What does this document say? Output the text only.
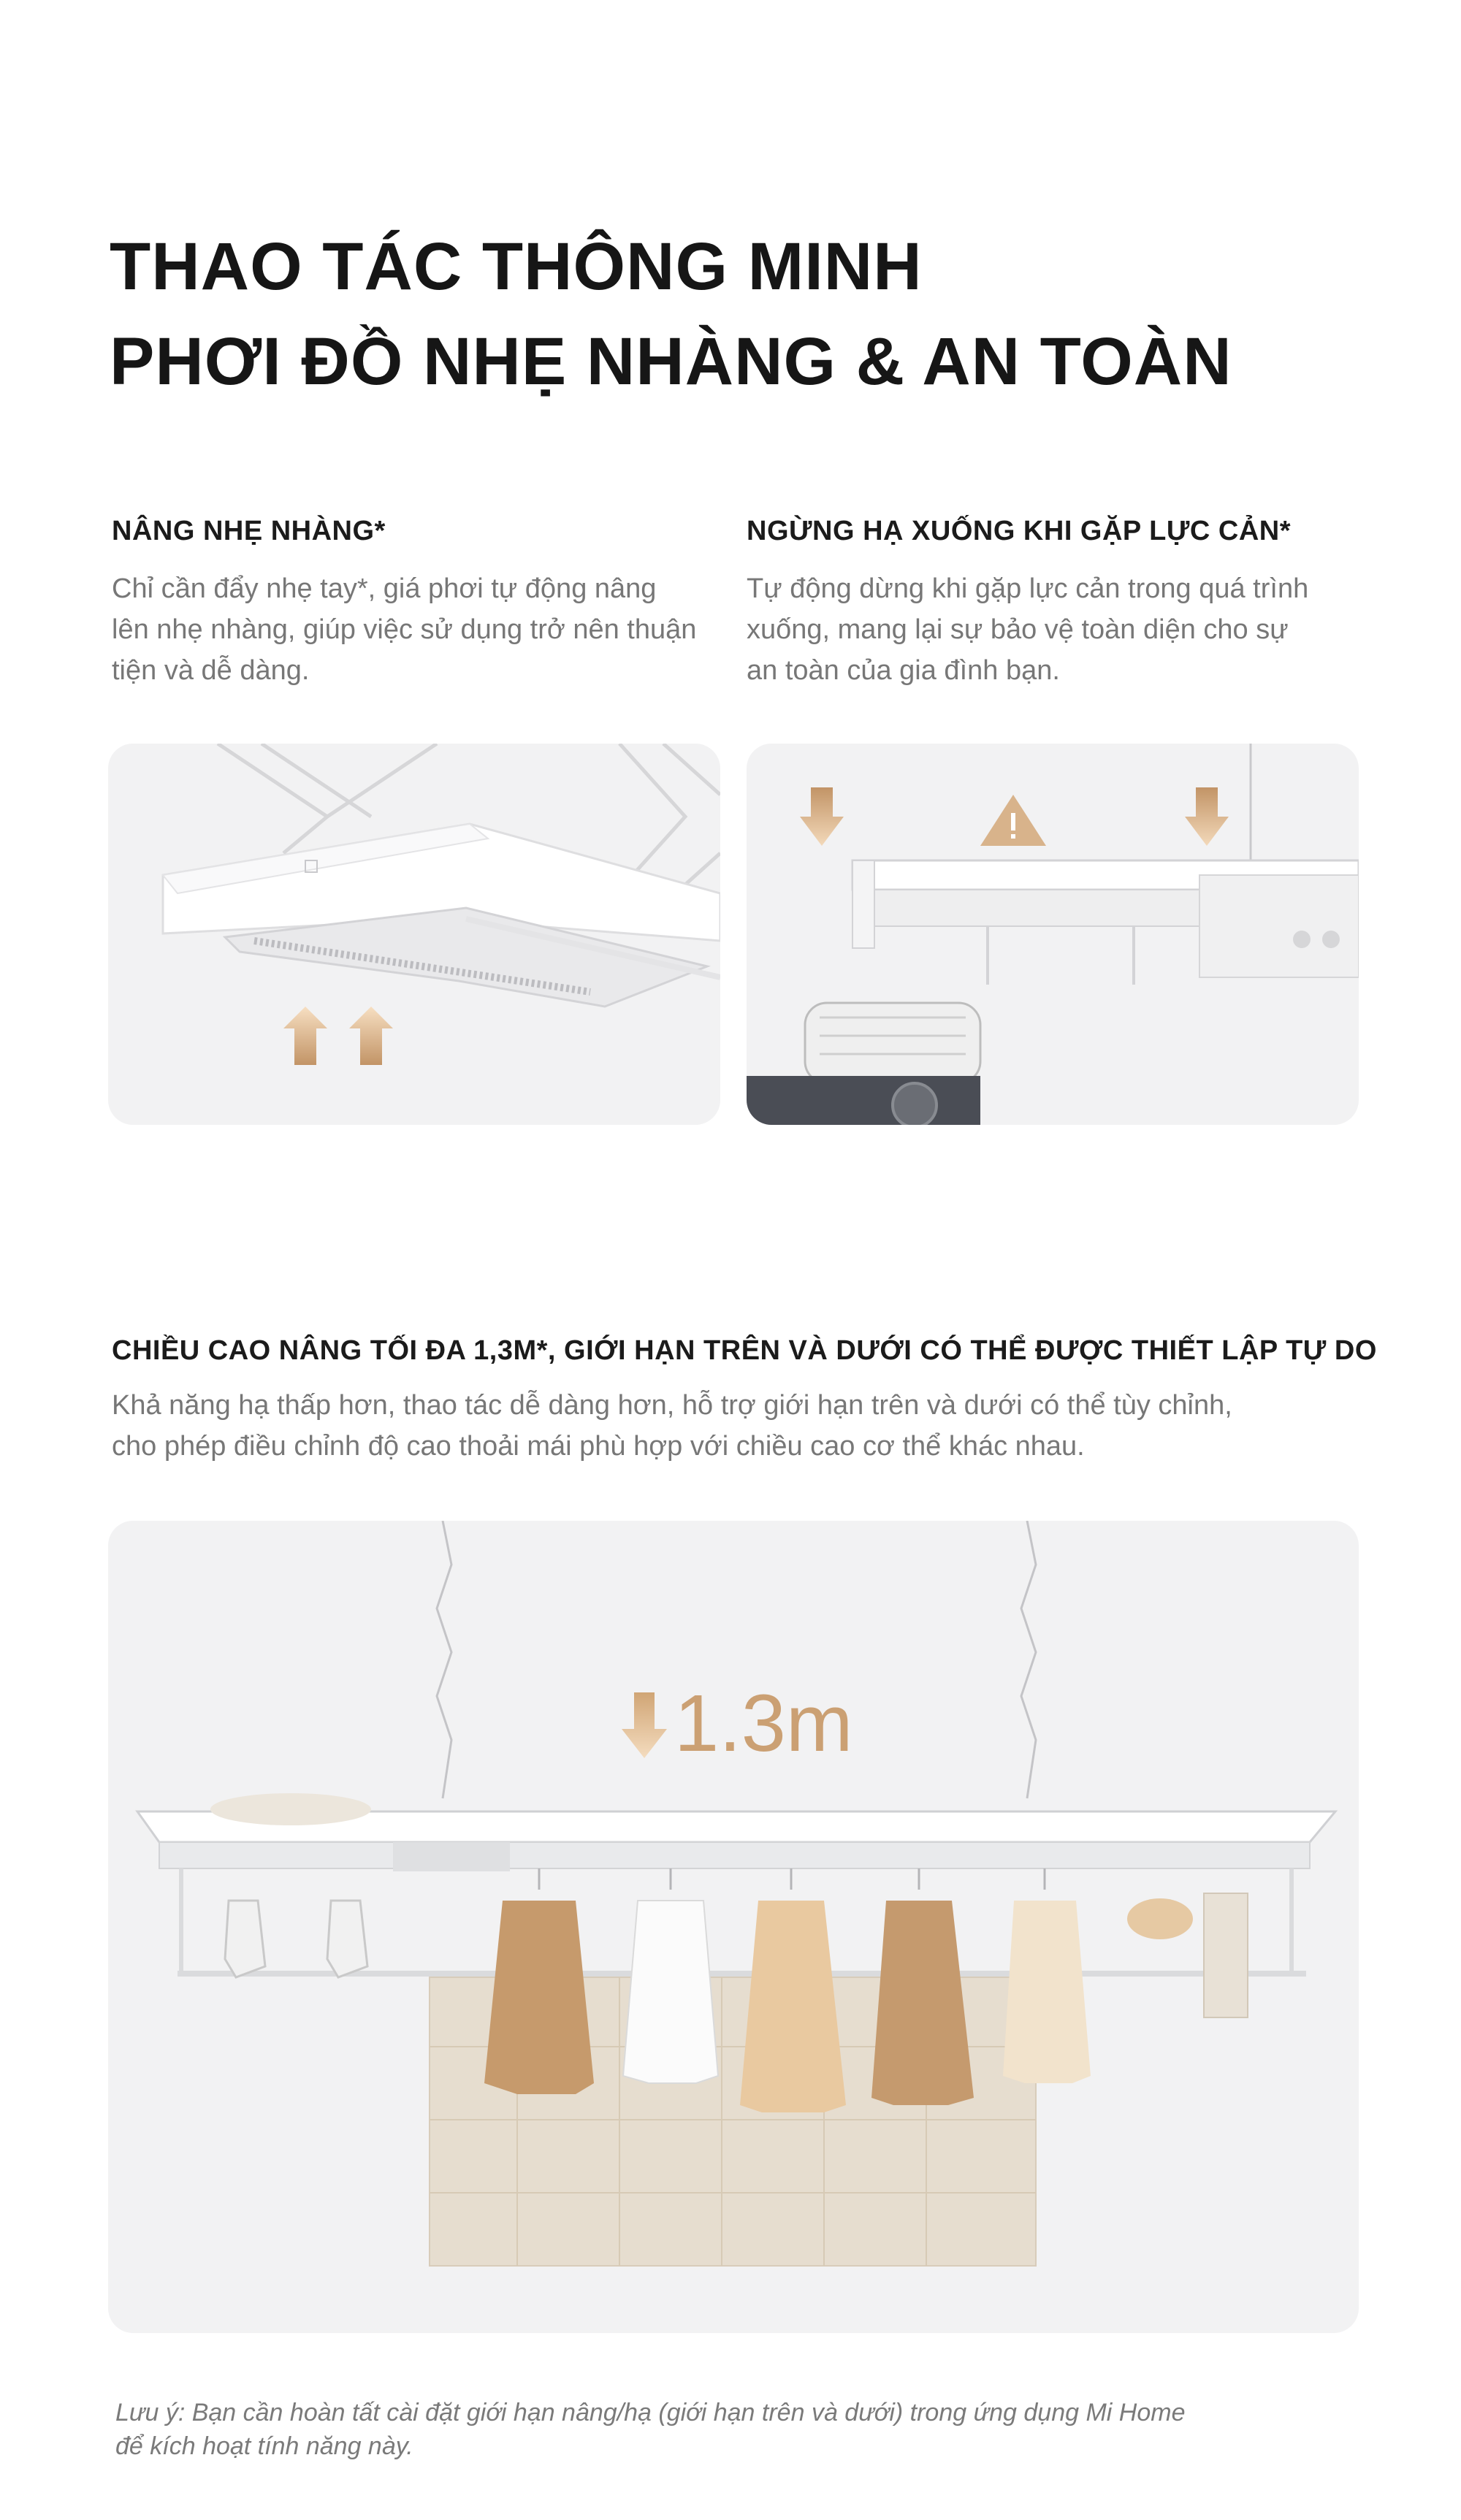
THAO TÁC THÔNG MINH
PHƠI ĐỒ NHẸ NHÀNG & AN TOÀN
NÂNG NHẸ NHÀNG*
Chỉ cần đẩy nhẹ tay*, giá phơi tự động nâng
lên nhẹ nhàng, giúp việc sử dụng trở nên thuận
tiện và dễ dàng.
NGỪNG HẠ XUỐNG KHI GẶP LỰC CẢN*
Tự động dừng khi gặp lực cản trong quá trình
xuống, mang lại sự bảo vệ toàn diện cho sự
an toàn của gia đình bạn.
CHIỀU CAO NÂNG TỐI ĐA 1,3M*, GIỚI HẠN TRÊN VÀ DƯỚI CÓ THỂ ĐƯỢC THIẾT LẬP TỰ DO
Khả năng hạ thấp hơn, thao tác dễ dàng hơn, hỗ trợ giới hạn trên và dưới có thể tùy chỉnh,
cho phép điều chỉnh độ cao thoải mái phù hợp với chiều cao cơ thể khác nhau.
1.3m
Lưu ý: Bạn cần hoàn tất cài đặt giới hạn nâng/hạ (giới hạn trên và dưới) trong ứng dụng Mi Home
để kích hoạt tính năng này.
